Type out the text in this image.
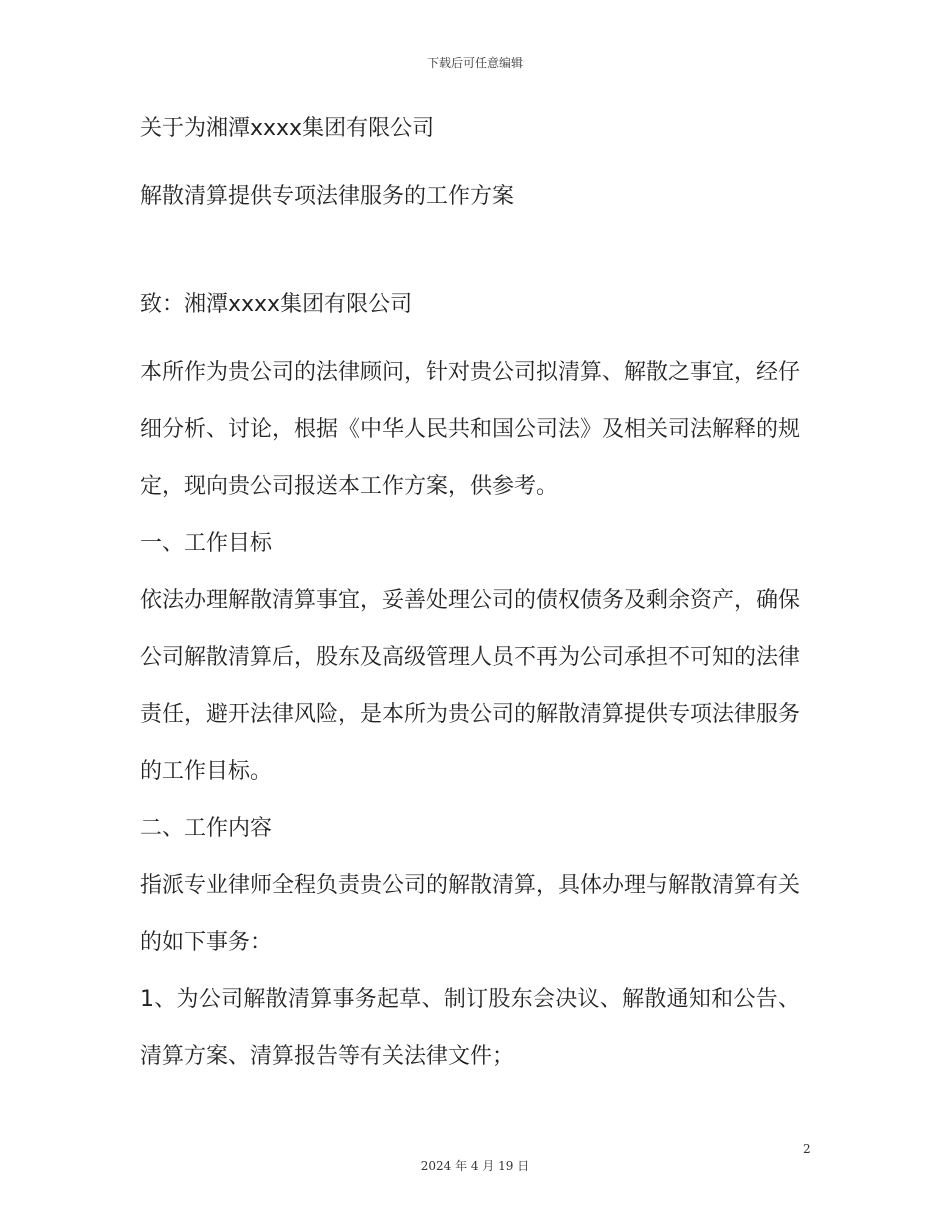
下载后可任意编辑

关于为湘潭xxxx集团有限公司

解散清算提供专项法律服务的工作方案

致：湘潭xxxx集团有限公司

本所作为贵公司的法律顾问，针对贵公司拟清算、解散之事宜，经仔细分析、讨论，根据《中华人民共和国公司法》及相关司法解释的规定，现向贵公司报送本工作方案，供参考。

一、工作目标

依法办理解散清算事宜，妥善处理公司的债权债务及剩余资产，确保公司解散清算后，股东及高级管理人员不再为公司承担不可知的法律责任，避开法律风险，是本所为贵公司的解散清算提供专项法律服务的工作目标。

二、工作内容

指派专业律师全程负责贵公司的解散清算，具体办理与解散清算有关的如下事务：

1、为公司解散清算事务起草、制订股东会决议、解散通知和公告、清算方案、清算报告等有关法律文件；

2
2024 年 4 月 19 日
